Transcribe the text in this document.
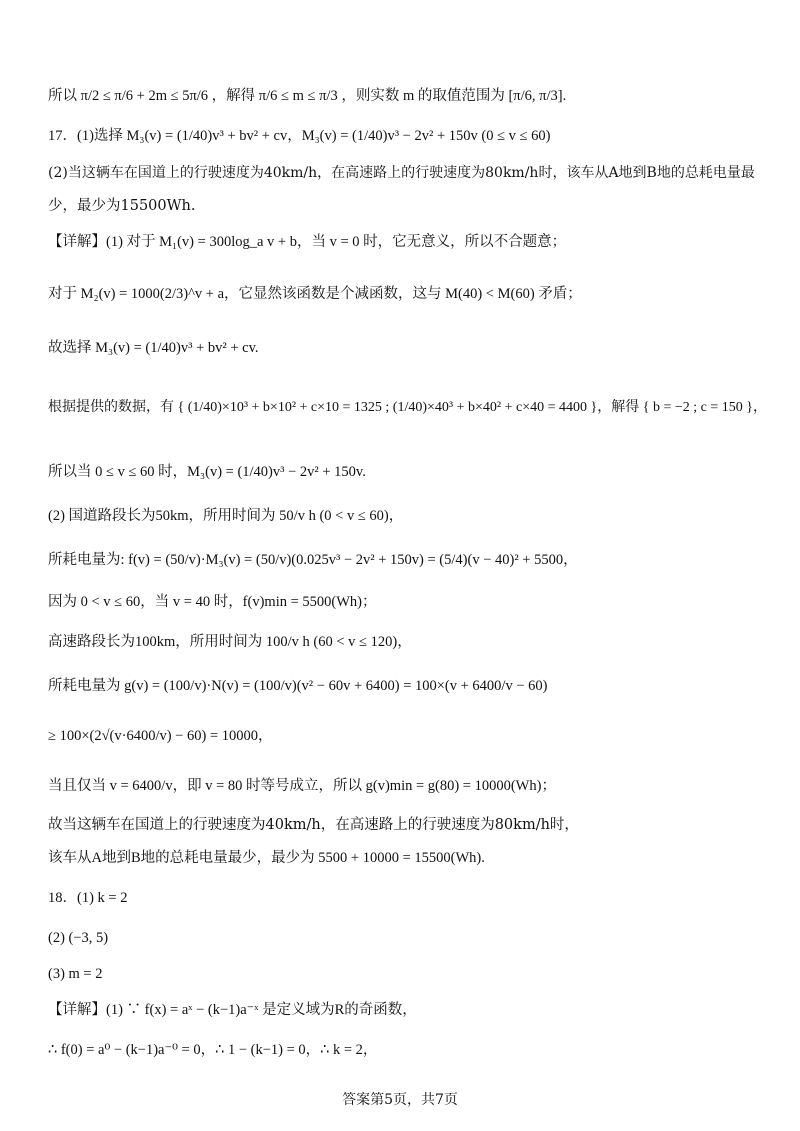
所以 π/2 ≤ π/6 + 2m ≤ 5π/6 ，解得 π/6 ≤ m ≤ π/3 ，则实数 m 的取值范围为 [π/6, π/3].
17．(1)选择 M₃(v) = (1/40)v³ + bv² + cv，M₃(v) = (1/40)v³ − 2v² + 150v (0 ≤ v ≤ 60)
(2)当这辆车在国道上的行驶速度为40km/h，在高速路上的行驶速度为80km/h时，该车从A地到B地的总耗电量最
少，最少为15500Wh.
【详解】(1) 对于 M₁(v) = 300log_a v + b，当 v = 0 时，它无意义，所以不合题意；
对于 M₂(v) = 1000(2/3)^v + a，它显然该函数是个减函数，这与 M(40) < M(60) 矛盾；
故选择 M₃(v) = (1/40)v³ + bv² + cv.
根据提供的数据，有 { (1/40)×10³ + b×10² + c×10 = 1325 ; (1/40)×40³ + b×40² + c×40 = 4400 }，解得 { b = −2 ; c = 150 }，
所以当 0 ≤ v ≤ 60 时，M₃(v) = (1/40)v³ − 2v² + 150v.
(2) 国道路段长为50km，所用时间为 50/v h (0 < v ≤ 60)，
所耗电量为: f(v) = (50/v)·M₃(v) = (50/v)(0.025v³ − 2v² + 150v) = (5/4)(v − 40)² + 5500，
因为 0 < v ≤ 60，当 v = 40 时，f(v)min = 5500(Wh)；
高速路段长为100km，所用时间为 100/v h (60 < v ≤ 120)，
所耗电量为 g(v) = (100/v)·N(v) = (100/v)(v² − 60v + 6400) = 100×(v + 6400/v − 60)
≥ 100×(2√(v·6400/v) − 60) = 10000，
当且仅当 v = 6400/v，即 v = 80 时等号成立，所以 g(v)min = g(80) = 10000(Wh)；
故当这辆车在国道上的行驶速度为40km/h，在高速路上的行驶速度为80km/h时，
该车从A地到B地的总耗电量最少，最少为 5500 + 10000 = 15500(Wh).
18．(1) k = 2
(2) (−3, 5)
(3) m = 2
【详解】(1) ∵ f(x) = aˣ − (k−1)a⁻ˣ 是定义域为R的奇函数，
∴ f(0) = a⁰ − (k−1)a⁻⁰ = 0，∴ 1 − (k−1) = 0，∴ k = 2，
答案第5页，共7页
